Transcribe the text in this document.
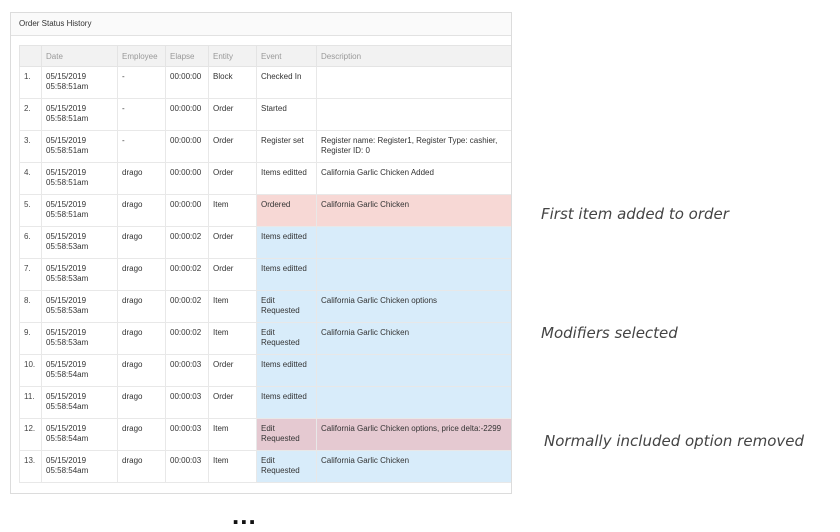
Order Status History
	Date	Employee	Elapse	Entity	Event	Description
1.	05/15/2019
05:58:51am	-	00:00:00	Block	Checked In	
2.	05/15/2019
05:58:51am	-	00:00:00	Order	Started	
3.	05/15/2019
05:58:51am	-	00:00:00	Order	Register set	Register name: Register1, Register Type: cashier, Register ID: 0
4.	05/15/2019
05:58:51am	drago	00:00:00	Order	Items editted	California Garlic Chicken Added
5.	05/15/2019
05:58:51am	drago	00:00:00	Item	Ordered	California Garlic Chicken
6.	05/15/2019
05:58:53am	drago	00:00:02	Order	Items editted	
7.	05/15/2019
05:58:53am	drago	00:00:02	Order	Items editted	
8.	05/15/2019
05:58:53am	drago	00:00:02	Item	Edit Requested	California Garlic Chicken options
9.	05/15/2019
05:58:53am	drago	00:00:02	Item	Edit Requested	California Garlic Chicken
10.	05/15/2019
05:58:54am	drago	00:00:03	Order	Items editted	
11.	05/15/2019
05:58:54am	drago	00:00:03	Order	Items editted	
12.	05/15/2019
05:58:54am	drago	00:00:03	Item	Edit Requested	California Garlic Chicken options, price delta:-2299
13.	05/15/2019
05:58:54am	drago	00:00:03	Item	Edit Requested	California Garlic Chicken
First item added to order
Modifiers selected
Normally included option removed
...
